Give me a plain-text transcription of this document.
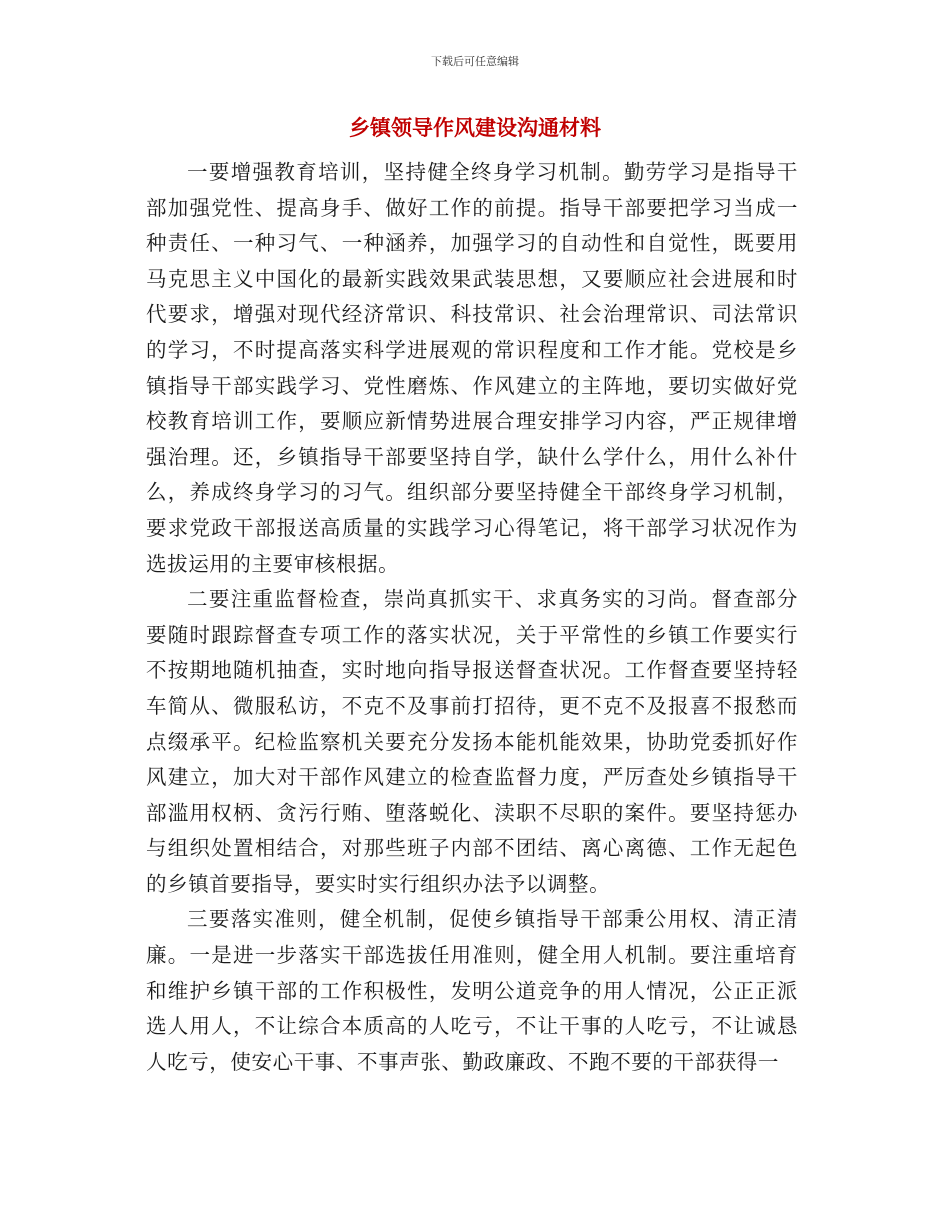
下载后可任意编辑
乡镇领导作风建设沟通材料

一要增强教育培训，坚持健全终身学习机制。勤劳学习是指导干部加强党性、提高身手、做好工作的前提。指导干部要把学习当成一种责任、一种习气、一种涵养，加强学习的自动性和自觉性，既要用马克思主义中国化的最新实践效果武装思想，又要顺应社会进展和时代要求，增强对现代经济常识、科技常识、社会治理常识、司法常识的学习，不时提高落实科学进展观的常识程度和工作才能。党校是乡镇指导干部实践学习、党性磨炼、作风建立的主阵地，要切实做好党校教育培训工作，要顺应新情势进展合理安排学习内容，严正规律增强治理。还，乡镇指导干部要坚持自学，缺什么学什么，用什么补什么，养成终身学习的习气。组织部分要坚持健全干部终身学习机制，要求党政干部报送高质量的实践学习心得笔记，将干部学习状况作为选拔运用的主要审核根据。

二要注重监督检查，崇尚真抓实干、求真务实的习尚。督查部分要随时跟踪督查专项工作的落实状况，关于平常性的乡镇工作要实行不按期地随机抽查，实时地向指导报送督查状况。工作督查要坚持轻车简从、微服私访，不克不及事前打招待，更不克不及报喜不报愁而点缀承平。纪检监察机关要充分发扬本能机能效果，协助党委抓好作风建立，加大对干部作风建立的检查监督力度，严厉查处乡镇指导干部滥用权柄、贪污行贿、堕落蜕化、渎职不尽职的案件。要坚持惩办与组织处置相结合，对那些班子内部不团结、离心离德、工作无起色的乡镇首要指导，要实时实行组织办法予以调整。

三要落实准则，健全机制，促使乡镇指导干部秉公用权、清正清廉。一是进一步落实干部选拔任用准则，健全用人机制。要注重培育和维护乡镇干部的工作积极性，发明公道竞争的用人情况，公正正派选人用人，不让综合本质高的人吃亏，不让干事的人吃亏，不让诚恳人吃亏，使安心干事、不事声张、勤政廉政、不跑不要的干部获得一
